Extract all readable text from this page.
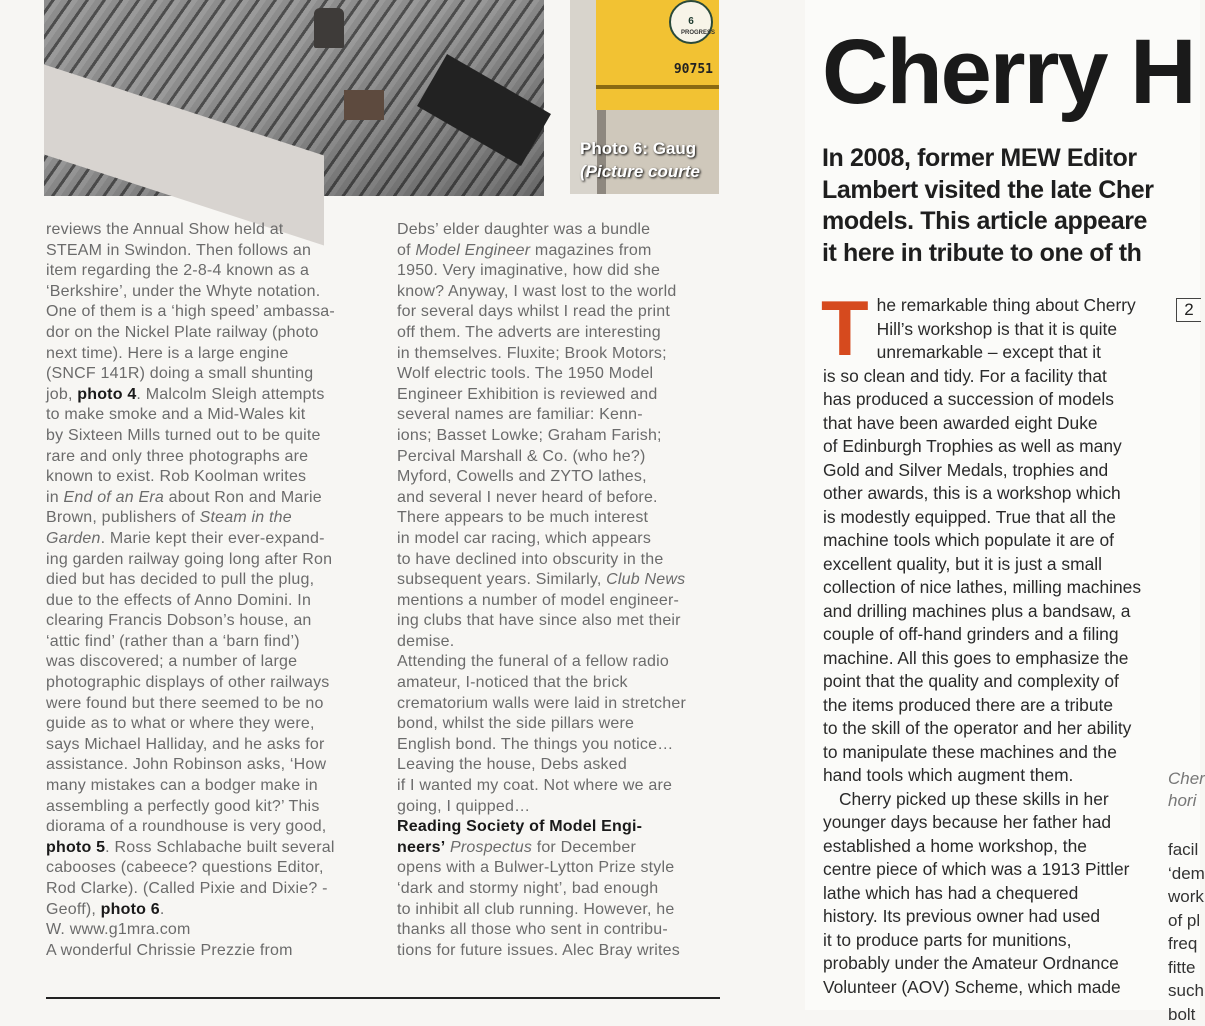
6
PROGRESS
90751
Photo 6: Gaug
(Picture courte

reviews the Annual Show held at
STEAM in Swindon. Then follows an
item regarding the 2-8-4 known as a
‘Berkshire’, under the Whyte notation.
One of them is a ‘high speed’ ambassa-
dor on the Nickel Plate railway (photo
next time). Here is a large engine
(SNCF 141R) doing a small shunting
job, photo 4. Malcolm Sleigh attempts
to make smoke and a Mid-Wales kit
by Sixteen Mills turned out to be quite
rare and only three photographs are
known to exist. Rob Koolman writes
in End of an Era about Ron and Marie
Brown, publishers of Steam in the
Garden. Marie kept their ever-expand-
ing garden railway going long after Ron
died but has decided to pull the plug,
due to the effects of Anno Domini. In
clearing Francis Dobson’s house, an
‘attic find’ (rather than a ‘barn find’)
was discovered; a number of large
photographic displays of other railways
were found but there seemed to be no
guide as to what or where they were,
says Michael Halliday, and he asks for
assistance. John Robinson asks, ‘How
many mistakes can a bodger make in
assembling a perfectly good kit?’ This
diorama of a roundhouse is very good,
photo 5. Ross Schlabache built several
cabooses (cabeece? questions Editor,
Rod Clarke). (Called Pixie and Dixie? -
Geoff), photo 6.
W. www.g1mra.com
A wonderful Chrissie Prezzie from

Debs’ elder daughter was a bundle
of Model Engineer magazines from
1950. Very imaginative, how did she
know? Anyway, I wast lost to the world
for several days whilst I read the print
off them. The adverts are interesting
in themselves. Fluxite; Brook Motors;
Wolf electric tools. The 1950 Model
Engineer Exhibition is reviewed and
several names are familiar: Kenn-
ions; Basset Lowke; Graham Farish;
Percival Marshall & Co. (who he?)
Myford, Cowells and ZYTO lathes,
and several I never heard of before.
There appears to be much interest
in model car racing, which appears
to have declined into obscurity in the
subsequent years. Similarly, Club News
mentions a number of model engineer-
ing clubs that have since also met their
demise.
Attending the funeral of a fellow radio
amateur, I-noticed that the brick
crematorium walls were laid in stretcher
bond, whilst the side pillars were
English bond. The things you notice…
Leaving the house, Debs asked
if I wanted my coat. Not where we are
going, I quipped…
Reading Society of Model Engi-
neers’ Prospectus for December
opens with a Bulwer-Lytton Prize style
‘dark and stormy night’, bad enough
to inhibit all club running. However, he
thanks all those who sent in contribu-
tions for future issues. Alec Bray writes

Cherry H
In 2008, former MEW Editor
Lambert visited the late Cher
models. This article appeare
it here in tribute to one of th
T he remarkable thing about Cherry
Hill’s workshop is that it is quite
unremarkable – except that it
is so clean and tidy. For a facility that
has produced a succession of models
that have been awarded eight Duke
of Edinburgh Trophies as well as many
Gold and Silver Medals, trophies and
other awards, this is a workshop which
is modestly equipped. True that all the
machine tools which populate it are of
excellent quality, but it is just a small
collection of nice lathes, milling machines
and drilling machines plus a bandsaw, a
couple of off-hand grinders and a filing
machine. All this goes to emphasize the
point that the quality and complexity of
the items produced there are a tribute
to the skill of the operator and her ability
to manipulate these machines and the
hand tools which augment them.

Cherry picked up these skills in her
younger days because her father had
established a home workshop, the
centre piece of which was a 1913 Pittler
lathe which has had a chequered
history. Its previous owner had used
it to produce parts for munitions,
probably under the Amateur Ordnance
Volunteer (AOV) Scheme, which made

2
Cher
hori
facil
‘dem
work
of pl
freq
fitte
such
bolt
